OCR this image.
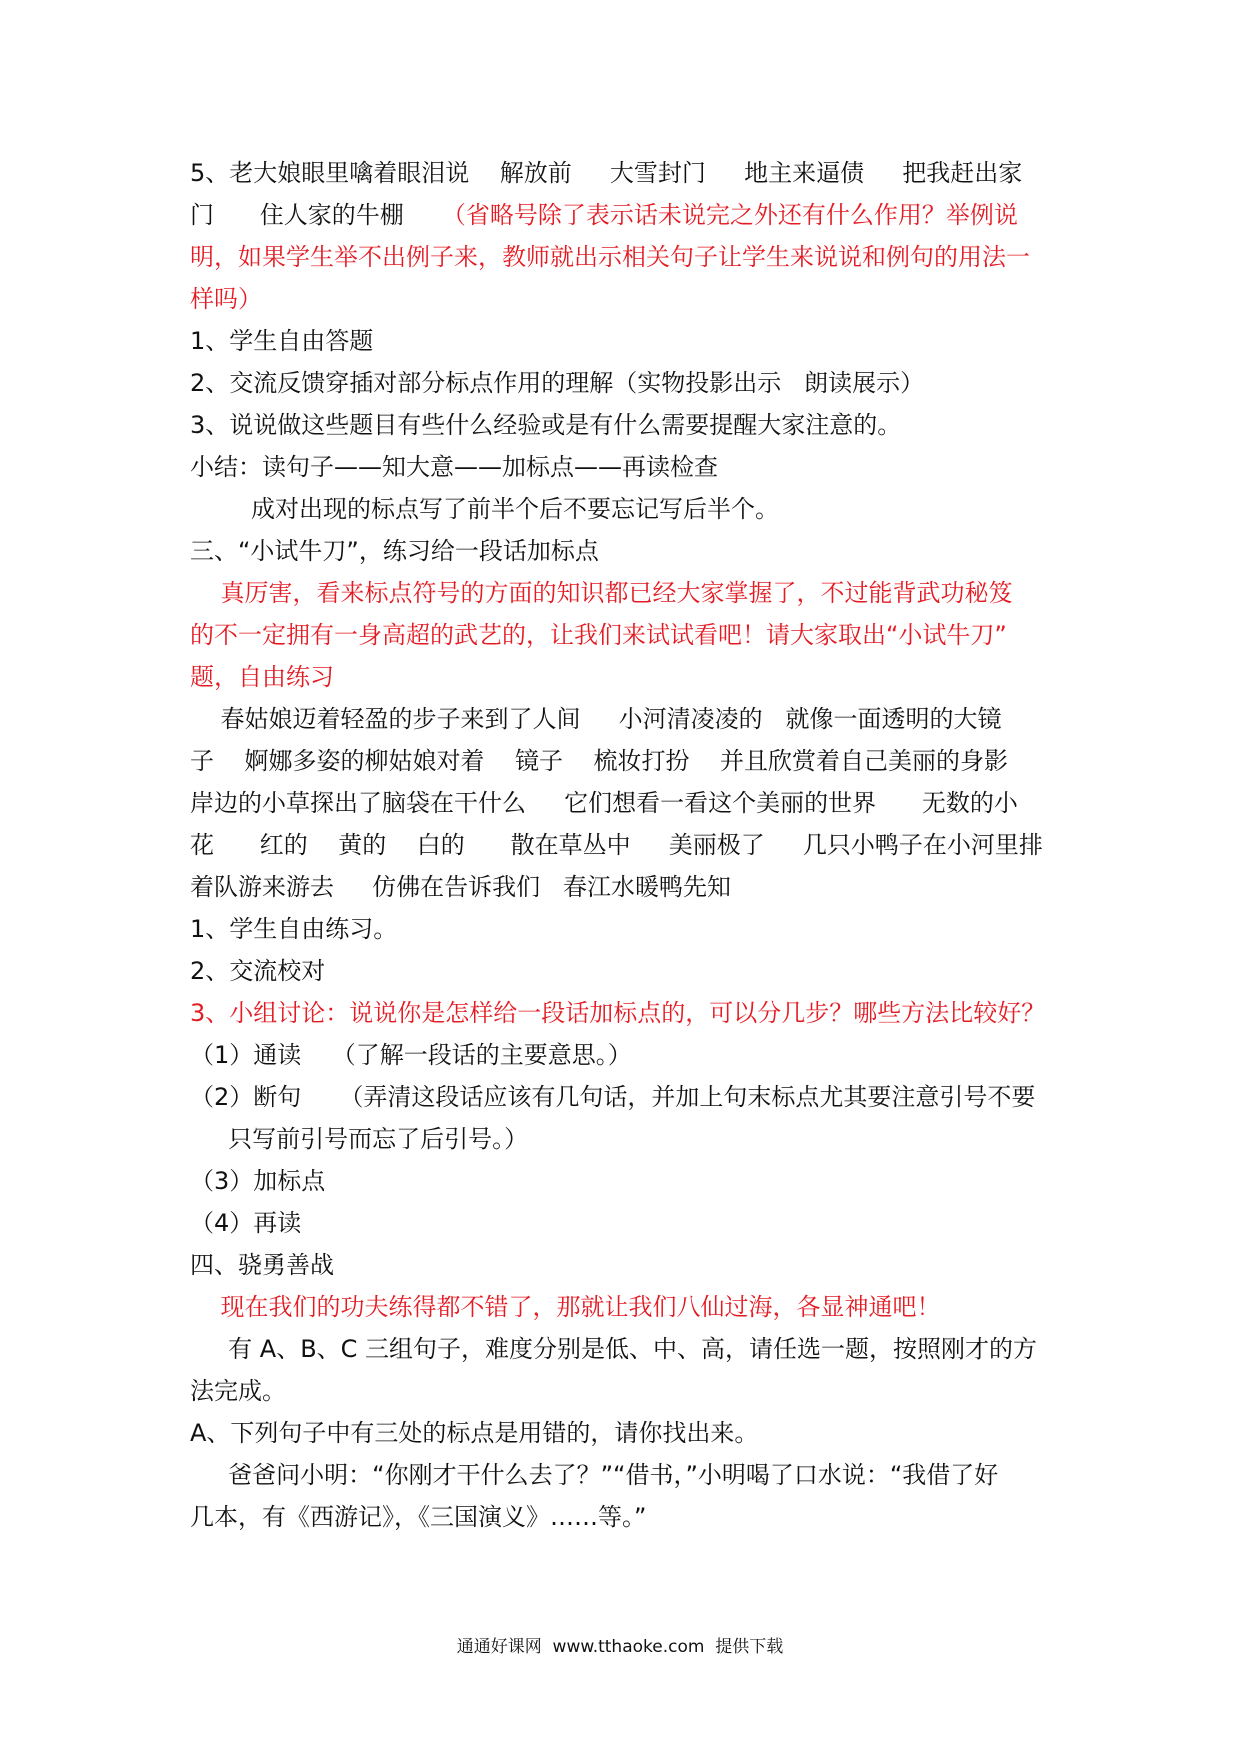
5、老大娘眼里噙着眼泪说    解放前     大雪封门     地主来逼债     把我赶出家
门      住人家的牛棚     （省略号除了表示话未说完之外还有什么作用？举例说
明，如果学生举不出例子来，教师就出示相关句子让学生来说说和例句的用法一
样吗）
1、学生自由答题
2、交流反馈穿插对部分标点作用的理解（实物投影出示   朗读展示）
3、说说做这些题目有些什么经验或是有什么需要提醒大家注意的。
小结：读句子——知大意——加标点——再读检查
成对出现的标点写了前半个后不要忘记写后半个。
三、“小试牛刀”，练习给一段话加标点
真厉害，看来标点符号的方面的知识都已经大家掌握了，不过能背武功秘笈
的不一定拥有一身高超的武艺的，让我们来试试看吧！请大家取出“小试牛刀”
题，自由练习
春姑娘迈着轻盈的步子来到了人间     小河清凌凌的   就像一面透明的大镜
子    婀娜多姿的柳姑娘对着    镜子    梳妆打扮    并且欣赏着自己美丽的身影
岸边的小草探出了脑袋在干什么     它们想看一看这个美丽的世界      无数的小
花      红的    黄的    白的      散在草丛中     美丽极了     几只小鸭子在小河里排
着队游来游去     仿佛在告诉我们   春江水暖鸭先知
1、学生自由练习。
2、交流校对
3、小组讨论：说说你是怎样给一段话加标点的，可以分几步？哪些方法比较好？
（1）通读    （了解一段话的主要意思。）
（2）断句     （弄清这段话应该有几句话，并加上句末标点尤其要注意引号不要
只写前引号而忘了后引号。）
（3）加标点
（4）再读
四、骁勇善战
现在我们的功夫练得都不错了，那就让我们八仙过海，各显神通吧！
有 A、B、C 三组句子，难度分别是低、中、高，请任选一题，按照刚才的方
法完成。
A、下列句子中有三处的标点是用错的，请你找出来。
爸爸问小明：“你刚才干什么去了？”“借书，”小明喝了口水说：“我借了好
几本，有《西游记》，《三国演义》……等。”
通通好课网  www.tthaoke.com  提供下载
